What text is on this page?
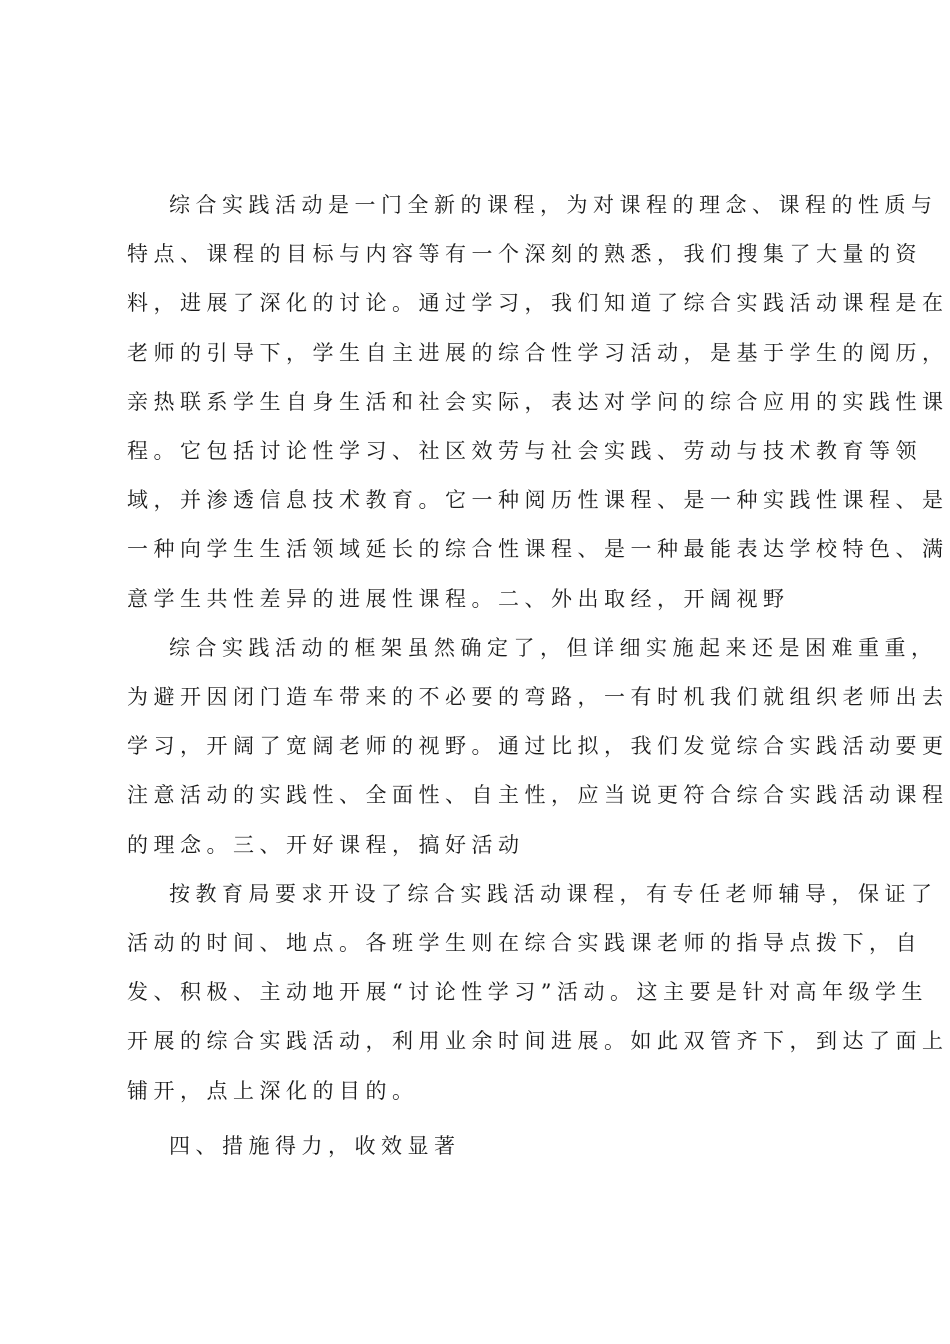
综合实践活动是一门全新的课程，为对课程的理念、课程的性质与
特点、课程的目标与内容等有一个深刻的熟悉，我们搜集了大量的资
料，进展了深化的讨论。通过学习，我们知道了综合实践活动课程是在
老师的引导下，学生自主进展的综合性学习活动，是基于学生的阅历，
亲热联系学生自身生活和社会实际，表达对学问的综合应用的实践性课
程。它包括讨论性学习、社区效劳与社会实践、劳动与技术教育等领
域，并渗透信息技术教育。它一种阅历性课程、是一种实践性课程、是
一种向学生生活领域延长的综合性课程、是一种最能表达学校特色、满
意学生共性差异的进展性课程。二、外出取经，开阔视野

综合实践活动的框架虽然确定了，但详细实施起来还是困难重重，
为避开因闭门造车带来的不必要的弯路，一有时机我们就组织老师出去
学习，开阔了宽阔老师的视野。通过比拟，我们发觉综合实践活动要更
注意活动的实践性、全面性、自主性，应当说更符合综合实践活动课程
的理念。三、开好课程，搞好活动

按教育局要求开设了综合实践活动课程，有专任老师辅导，保证了
活动的时间、地点。各班学生则在综合实践课老师的指导点拨下，自
发、积极、主动地开展“讨论性学习”活动。这主要是针对高年级学生
开展的综合实践活动，利用业余时间进展。如此双管齐下，到达了面上
铺开，点上深化的目的。

四、措施得力，收效显著
